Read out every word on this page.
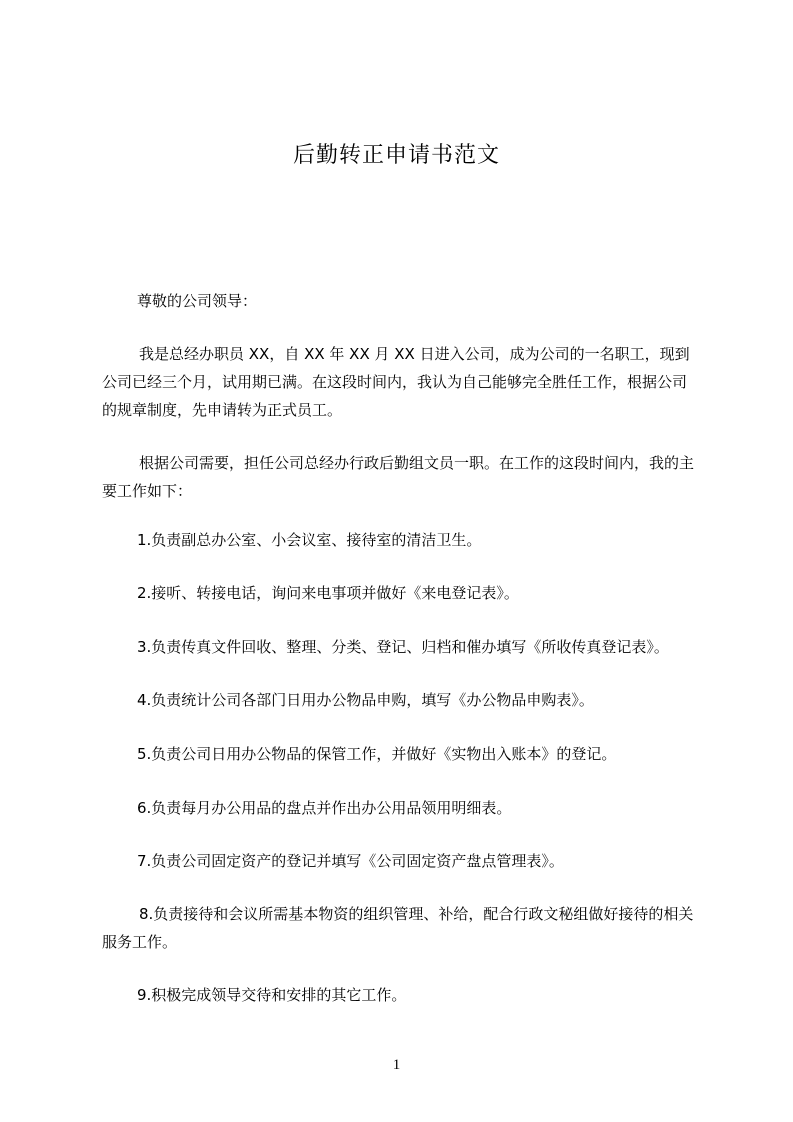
后勤转正申请书范文
尊敬的公司领导：
我是总经办职员 XX，自 XX 年 XX 月 XX 日进入公司，成为公司的一名职工，现到公司已经三个月，试用期已满。在这段时间内，我认为自己能够完全胜任工作，根据公司的规章制度，先申请转为正式员工。
根据公司需要，担任公司总经办行政后勤组文员一职。在工作的这段时间内，我的主要工作如下：
1.负责副总办公室、小会议室、接待室的清洁卫生。
2.接听、转接电话，询问来电事项并做好《来电登记表》。
3.负责传真文件回收、整理、分类、登记、归档和催办填写《所收传真登记表》。
4.负责统计公司各部门日用办公物品申购，填写《办公物品申购表》。
5.负责公司日用办公物品的保管工作，并做好《实物出入账本》的登记。
6.负责每月办公用品的盘点并作出办公用品领用明细表。
7.负责公司固定资产的登记并填写《公司固定资产盘点管理表》。
8.负责接待和会议所需基本物资的组织管理、补给，配合行政文秘组做好接待的相关服务工作。
9.积极完成领导交待和安排的其它工作。
1
